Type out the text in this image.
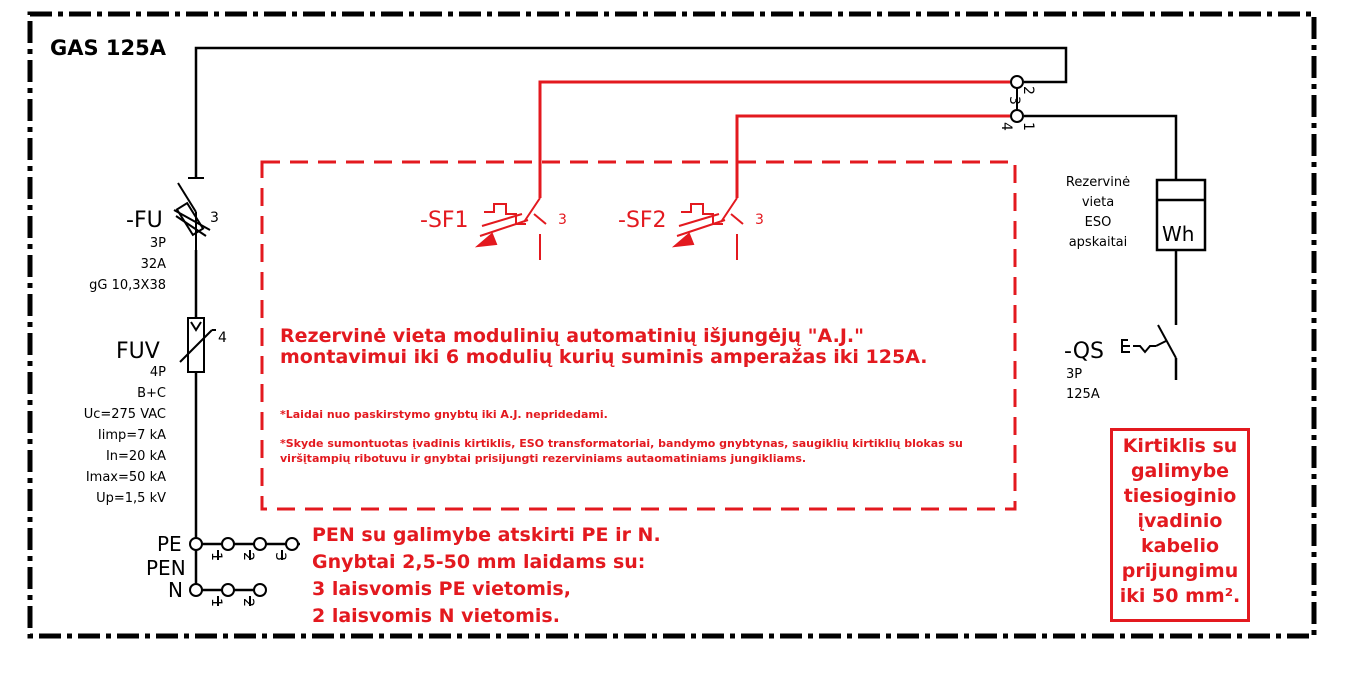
GAS 125A
-FU	3
FUV
4
3
2
4 1
Wh
-QS
-SF1	3 -SF2	3
PE
PEN
N
1 2 3
1 2
3P
32A
gG 10,3X38
4P
B+C
Uc=275 VAC
Iimp=7 kA
In=20 kA
Imax=50 kA
Up=1,5 kV
Rezervinė
vieta
ESO
apskaitai
3P
125A
Rezervinė vieta modulinių automatinių išjungėjų "A.J." montavimui iki 6 modulių kurių suminis amperažas iki 125A.
*Laidai nuo paskirstymo gnybtų iki A.J. nepridedami.
*Skyde sumontuotas įvadinis kirtiklis, ESO transformatoriai, bandymo gnybtynas, saugiklių kirtiklių blokas su viršįtampių ribotuvu ir gnybtai prisijungti rezerviniams autaomatiniams jungikliams.
PEN su galimybe atskirti PE ir N.
Gnybtai 2,5-50 mm laidams su:
3 laisvomis PE vietomis,
2 laisvomis N vietomis.
Kirtiklis su
galimybe
tiesioginio
įvadinio
kabelio
prijungimu
iki 50 mm².
